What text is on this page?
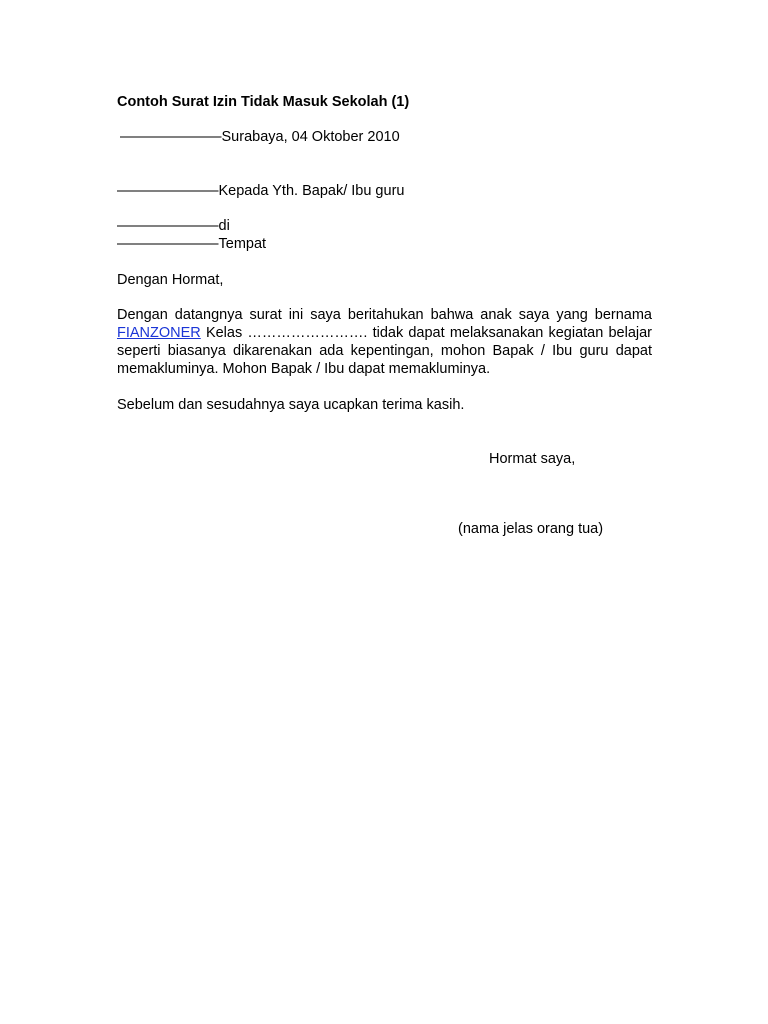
Contoh Surat Izin Tidak Masuk Sekolah (1)
———————Surabaya, 04 Oktober 2010
———————Kepada Yth. Bapak/ Ibu guru
———————di
———————Tempat
Dengan Hormat,
Dengan datangnya surat ini saya beritahukan bahwa anak saya yang bernama FIANZONER Kelas ……………………. tidak dapat melaksanakan kegiatan belajar seperti biasanya dikarenakan ada kepentingan, mohon Bapak / Ibu guru dapat memakluminya. Mohon Bapak / Ibu dapat memakluminya.
Sebelum dan sesudahnya saya ucapkan terima kasih.
Hormat saya,
(nama jelas orang tua)
